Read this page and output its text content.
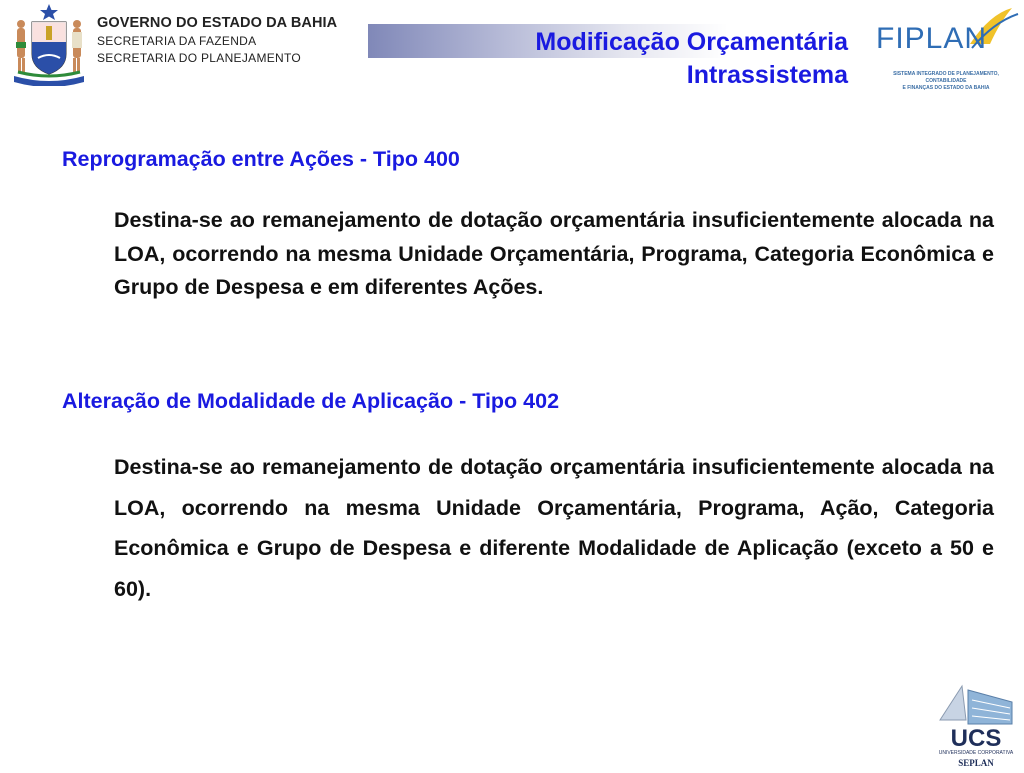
GOVERNO DO ESTADO DA BAHIA
SECRETARIA DA FAZENDA
SECRETARIA DO PLANEJAMENTO
Modificação Orçamentária
Intrassistema
FIPLAN
SISTEMA INTEGRADO DE PLANEJAMENTO, CONTABILIDADE
E FINANÇAS DO ESTADO DA BAHIA
Reprogramação entre Ações - Tipo 400
Destina-se ao remanejamento de dotação orçamentária insuficientemente alocada na LOA, ocorrendo na mesma Unidade Orçamentária, Programa, Categoria Econômica e Grupo de Despesa e em diferentes Ações.
Alteração de Modalidade de Aplicação - Tipo 402
Destina-se ao remanejamento de dotação orçamentária insuficientemente alocada na LOA, ocorrendo na mesma Unidade Orçamentária, Programa, Ação, Categoria Econômica e Grupo de Despesa e diferente Modalidade de Aplicação (exceto a 50 e 60).
UCS
UNIVERSIDADE CORPORATIVA
SEPLAN
